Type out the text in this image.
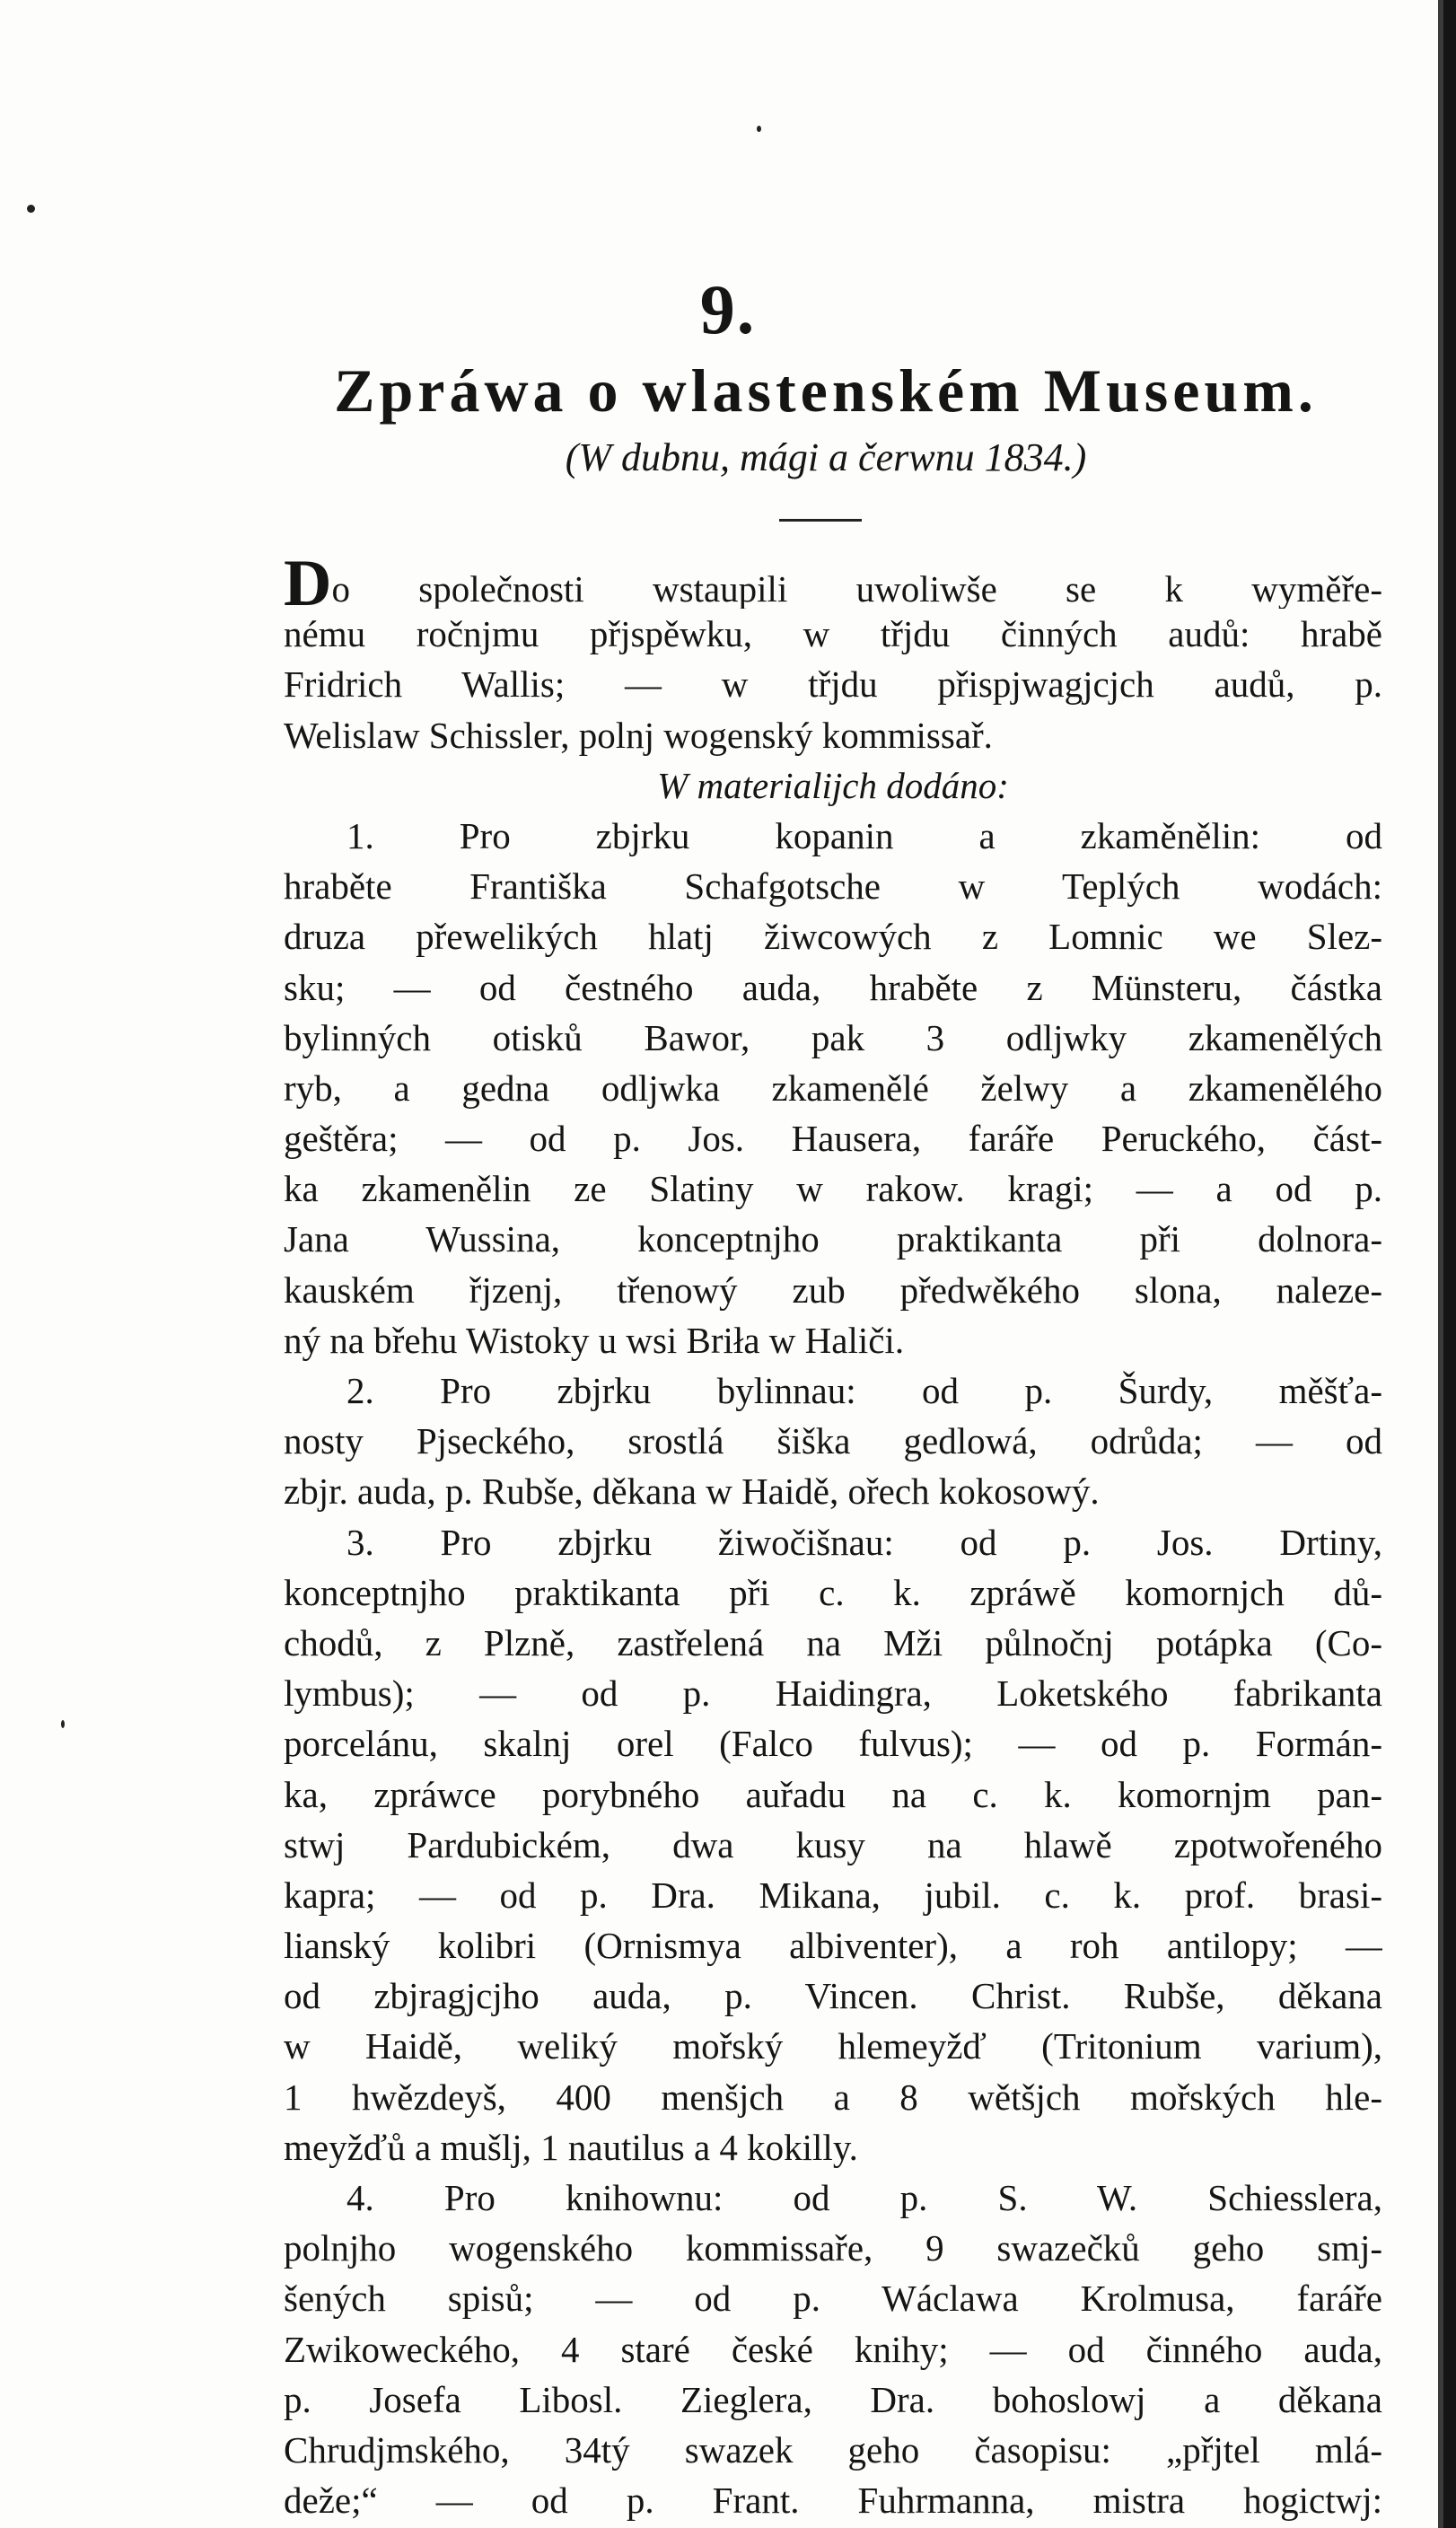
9.
Zpráwa o wlastenském Museum.
(W dubnu, mági a čerwnu 1834.)
Do společnosti wstaupili uwoliwše se k wyměře-
nému ročnjmu přjspěwku, w třjdu činných audů: hrabě
Fridrich Wallis; — w třjdu přispjwagjcjch audů, p.
Welislaw Schissler, polnj wogenský kommissař.
W materialijch dodáno:
1. Pro zbjrku kopanin a zkaměnělin: od
hraběte Františka Schafgotsche w Teplých wodách:
druza přewelikých hlatj žiwcowých z Lomnic we Slez-
sku; — od čestného auda, hraběte z Münsteru, částka
bylinných otisků Bawor, pak 3 odljwky zkamenělých
ryb, a gedna odljwka zkamenělé želwy a zkamenělého
geštěra; — od p. Jos. Hausera, faráře Peruckého, část-
ka zkamenělin ze Slatiny w rakow. kragi; — a od p.
Jana Wussina, konceptnjho praktikanta při dolnora-
kauském řjzenj, třenowý zub předwěkého slona, naleze-
ný na břehu Wistoky u wsi Briła w Haliči.
2. Pro zbjrku bylinnau: od p. Šurdy, měšťa-
nosty Pjseckého, srostlá šiška gedlowá, odrůda; — od
zbjr. auda, p. Rubše, děkana w Haidě, ořech kokosowý.
3. Pro zbjrku žiwočišnau: od p. Jos. Drtiny,
konceptnjho praktikanta při c. k. zpráwě komornjch dů-
chodů, z Plzně, zastřelená na Mži půlnočnj potápka (Co-
lymbus); — od p. Haidingra, Loketského fabrikanta
porcelánu, skalnj orel (Falco fulvus); — od p. Formán-
ka, zpráwce porybného auřadu na c. k. komornjm pan-
stwj Pardubickém, dwa kusy na hlawě zpotwořeného
kapra; — od p. Dra. Mikana, jubil. c. k. prof. brasi-
lianský kolibri (Ornismya albiventer), a roh antilopy; —
od zbjragjcjho auda, p. Vincen. Christ. Rubše, děkana
w Haidě, weliký mořský hlemeyžď (Tritonium varium),
1 hwězdeyš, 400 menšjch a 8 wětšjch mořských hle-
meyžďů a mušlj, 1 nautilus a 4 kokilly.
4. Pro knihownu: od p. S. W. Schiesslera,
polnjho wogenského kommissaře, 9 swazečků geho smj-
šených spisů; — od p. Wáclawa Krolmusa, faráře
Zwikoweckého, 4 staré české knihy; — od činného auda,
p. Josefa Libosl. Zieglera, Dra. bohoslowj a děkana
Chrudjmského, 34tý swazek geho časopisu: „přjtel mlá-
deže;“ — od p. Frant. Fuhrmanna, mistra hogictwj:
